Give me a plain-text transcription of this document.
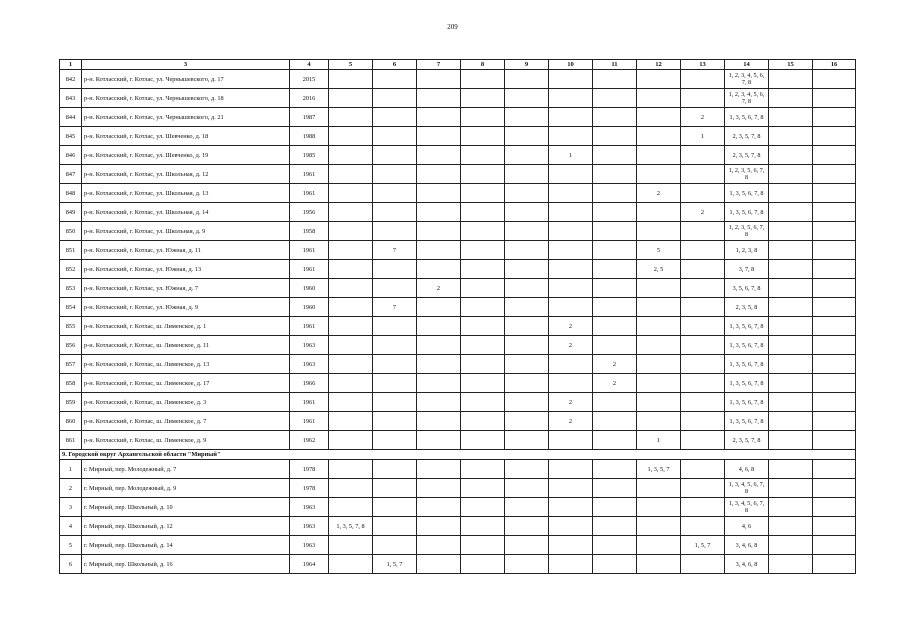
209
1	3	4	5	6	7	8	9	10	11	12	13	14	15	16
842	р-н. Котласский, г. Котлас, ул. Чернышевского, д. 17	2015										1, 2, 3, 4, 5, 6, 7, 8		
843	р-н. Котласский, г. Котлас, ул. Чернышевского, д. 18	2016										1, 2, 3, 4, 5, 6, 7, 8		
844	р-н. Котласский, г. Котлас, ул. Чернышевского, д. 21	1987									2	1, 3, 5, 6, 7, 8		
845	р-н. Котласский, г. Котлас, ул. Шевченко, д. 18	1988									1	2, 3, 5, 7, 8		
846	р-н. Котласский, г. Котлас, ул. Шевченко, д. 19	1985						1				2, 3, 5, 7, 8		
847	р-н. Котласский, г. Котлас, ул. Школьная, д. 12	1961										1, 2, 3, 5, 6, 7, 8		
848	р-н. Котласский, г. Котлас, ул. Школьная, д. 13	1961								2		1, 3, 5, 6, 7, 8		
849	р-н. Котласский, г. Котлас, ул. Школьная, д. 14	1956									2	1, 3, 5, 6, 7, 8		
850	р-н. Котласский, г. Котлас, ул. Школьная, д. 9	1958										1, 2, 3, 5, 6, 7, 8		
851	р-н. Котласский, г. Котлас, ул. Южная, д. 11	1961		7						5		1, 2, 3, 8		
852	р-н. Котласский, г. Котлас, ул. Южная, д. 13	1961								2, 5		3, 7, 8		
853	р-н. Котласский, г. Котлас, ул. Южная, д. 7	1960			2							3, 5, 6, 7, 8		
854	р-н. Котласский, г. Котлас, ул. Южная, д. 9	1960		7								2, 3, 5, 8		
855	р-н. Котласский, г. Котлас, ш. Лименское, д. 1	1961						2				1, 3, 5, 6, 7, 8		
856	р-н. Котласский, г. Котлас, ш. Лименское, д. 11	1963						2				1, 3, 5, 6, 7, 8		
857	р-н. Котласский, г. Котлас, ш. Лименское, д. 13	1963							2			1, 3, 5, 6, 7, 8		
858	р-н. Котласский, г. Котлас, ш. Лименское, д. 17	1966							2			1, 3, 5, 6, 7, 8		
859	р-н. Котласский, г. Котлас, ш. Лименское, д. 3	1961						2				1, 3, 5, 6, 7, 8		
860	р-н. Котласский, г. Котлас, ш. Лименское, д. 7	1961						2				1, 3, 5, 6, 7, 8		
861	р-н. Котласский, г. Котлас, ш. Лименское, д. 9	1962								1		2, 3, 5, 7, 8		
9. Городской округ Архангельской области "Мирный"														
1	г. Мирный, пер. Молодежный, д. 7	1978								1, 3, 5, 7		4, 6, 8		
2	г. Мирный, пер. Молодежный, д. 9	1978										1, 3, 4, 5, 6, 7, 8		
3	г. Мирный, пер. Школьный, д. 10	1963										1, 3, 4, 5, 6, 7, 8		
4	г. Мирный, пер. Школьный, д. 12	1963	1, 3, 5, 7, 8									4, 6		
5	г. Мирный, пер. Школьный, д. 14	1963									1, 5, 7	3, 4, 6, 8		
6	г. Мирный, пер. Школьный, д. 16	1964		1, 5, 7								3, 4, 6, 8		
